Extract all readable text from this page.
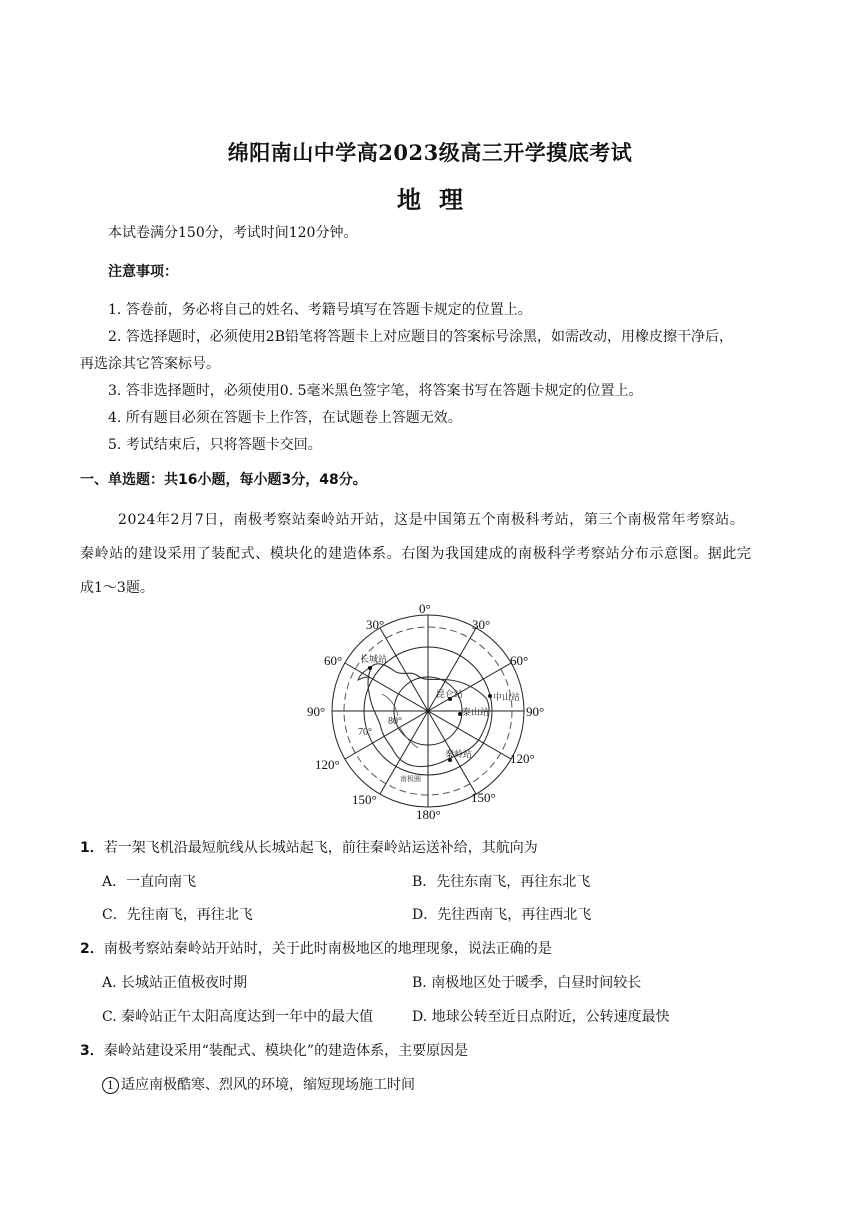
绵阳南山中学高2023级高三开学摸底考试
地理
本试卷满分150分，考试时间120分钟。
注意事项：
1. 答卷前，务必将自己的姓名、考籍号填写在答题卡规定的位置上。
2. 答选择题时，必须使用2B铅笔将答题卡上对应题目的答案标号涂黑，如需改动，用橡皮擦干净后，
再选涂其它答案标号。
3. 答非选择题时，必须使用0. 5毫米黑色签字笔，将答案书写在答题卡规定的位置上。
4. 所有题目必须在答题卡上作答，在试题卷上答题无效。
5. 考试结束后，只将答题卡交回。
一、单选题：共16小题，每小题3分，48分。
2024年2月7日，南极考察站秦岭站开站，这是中国第五个南极科考站，第三个南极常年考察站。
秦岭站的建设采用了装配式、模块化的建造体系。右图为我国建成的南极科学考察站分布示意图。据此完
成1～3题。
0°
30°	30°
60°	60°
90°	90°
120°	120°
150°	150°
180°
80°
70°
长城站
昆仑站	中山站
泰山站
秦岭站
南极圈
1．若一架飞机沿最短航线从长城站起飞，前往秦岭站运送补给，其航向为
A．一直向南飞	B．先往东南飞，再往东北飞
C．先往南飞，再往北飞	D．先往西南飞，再往西北飞
2．南极考察站秦岭站开站时，关于此时南极地区的地理现象，说法正确的是
A. 长城站正值极夜时期	B. 南极地区处于暖季，白昼时间较长
C. 秦岭站正午太阳高度达到一年中的最大值	D. 地球公转至近日点附近，公转速度最快
3．秦岭站建设采用“装配式、模块化”的建造体系，主要原因是
1 适应南极酷寒、烈风的环境，缩短现场施工时间
